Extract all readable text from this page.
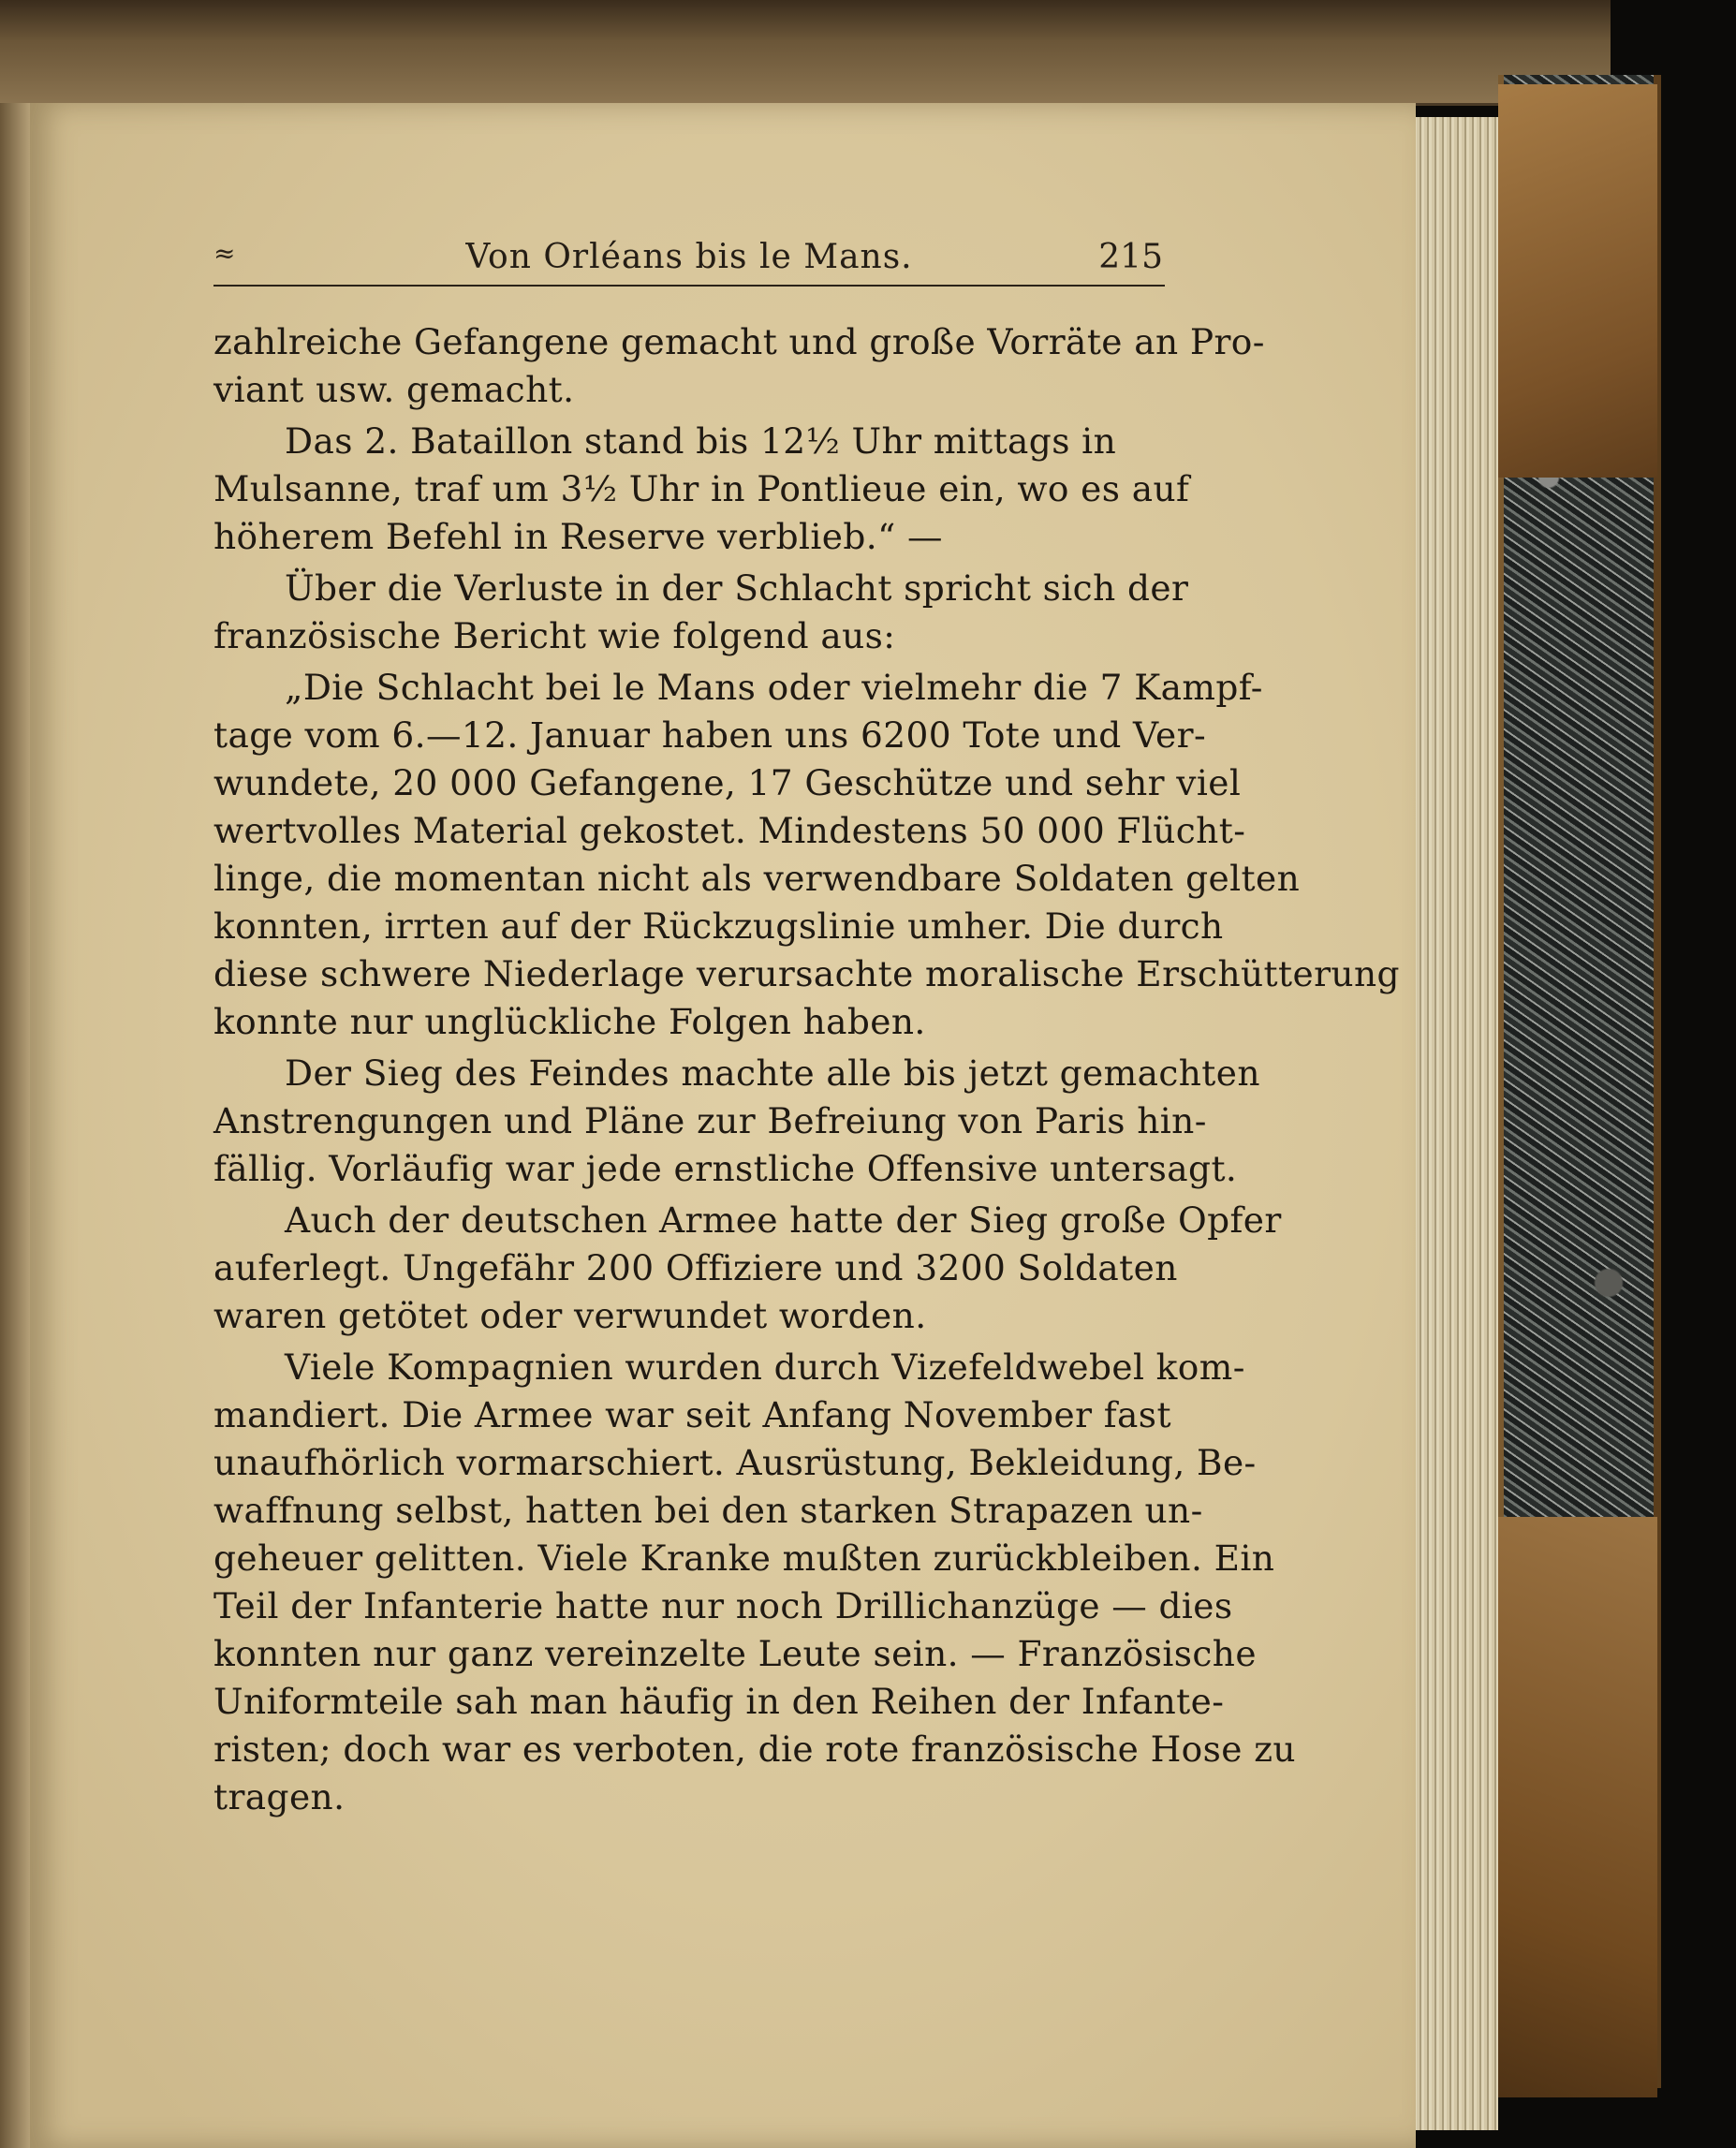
≈	Von Orléans bis le Mans.	215

zahlreiche Gefangene gemacht und große Vorräte an Pro-
viant usw. gemacht.

Das 2. Bataillon stand bis 12½ Uhr mittags in
Mulsanne, traf um 3½ Uhr in Pontlieue ein, wo es auf
höherem Befehl in Reserve verblieb.“ —

Über die Verluste in der Schlacht spricht sich der
französische Bericht wie folgend aus:

„Die Schlacht bei le Mans oder vielmehr die 7 Kampf-
tage vom 6.—12. Januar haben uns 6200 Tote und Ver-
wundete, 20 000 Gefangene, 17 Geschütze und sehr viel
wertvolles Material gekostet. Mindestens 50 000 Flücht-
linge, die momentan nicht als verwendbare Soldaten gelten
konnten, irrten auf der Rückzugslinie umher. Die durch
diese schwere Niederlage verursachte moralische Erschütterung
konnte nur unglückliche Folgen haben.

Der Sieg des Feindes machte alle bis jetzt gemachten
Anstrengungen und Pläne zur Befreiung von Paris hin-
fällig. Vorläufig war jede ernstliche Offensive untersagt.

Auch der deutschen Armee hatte der Sieg große Opfer
auferlegt. Ungefähr 200 Offiziere und 3200 Soldaten
waren getötet oder verwundet worden.

Viele Kompagnien wurden durch Vizefeldwebel kom-
mandiert. Die Armee war seit Anfang November fast
unaufhörlich vormarschiert. Ausrüstung, Bekleidung, Be-
waffnung selbst, hatten bei den starken Strapazen un-
geheuer gelitten. Viele Kranke mußten zurückbleiben. Ein
Teil der Infanterie hatte nur noch Drillichanzüge — dies
konnten nur ganz vereinzelte Leute sein. — Französische
Uniformteile sah man häufig in den Reihen der Infante-
risten; doch war es verboten, die rote französische Hose zu
tragen.
